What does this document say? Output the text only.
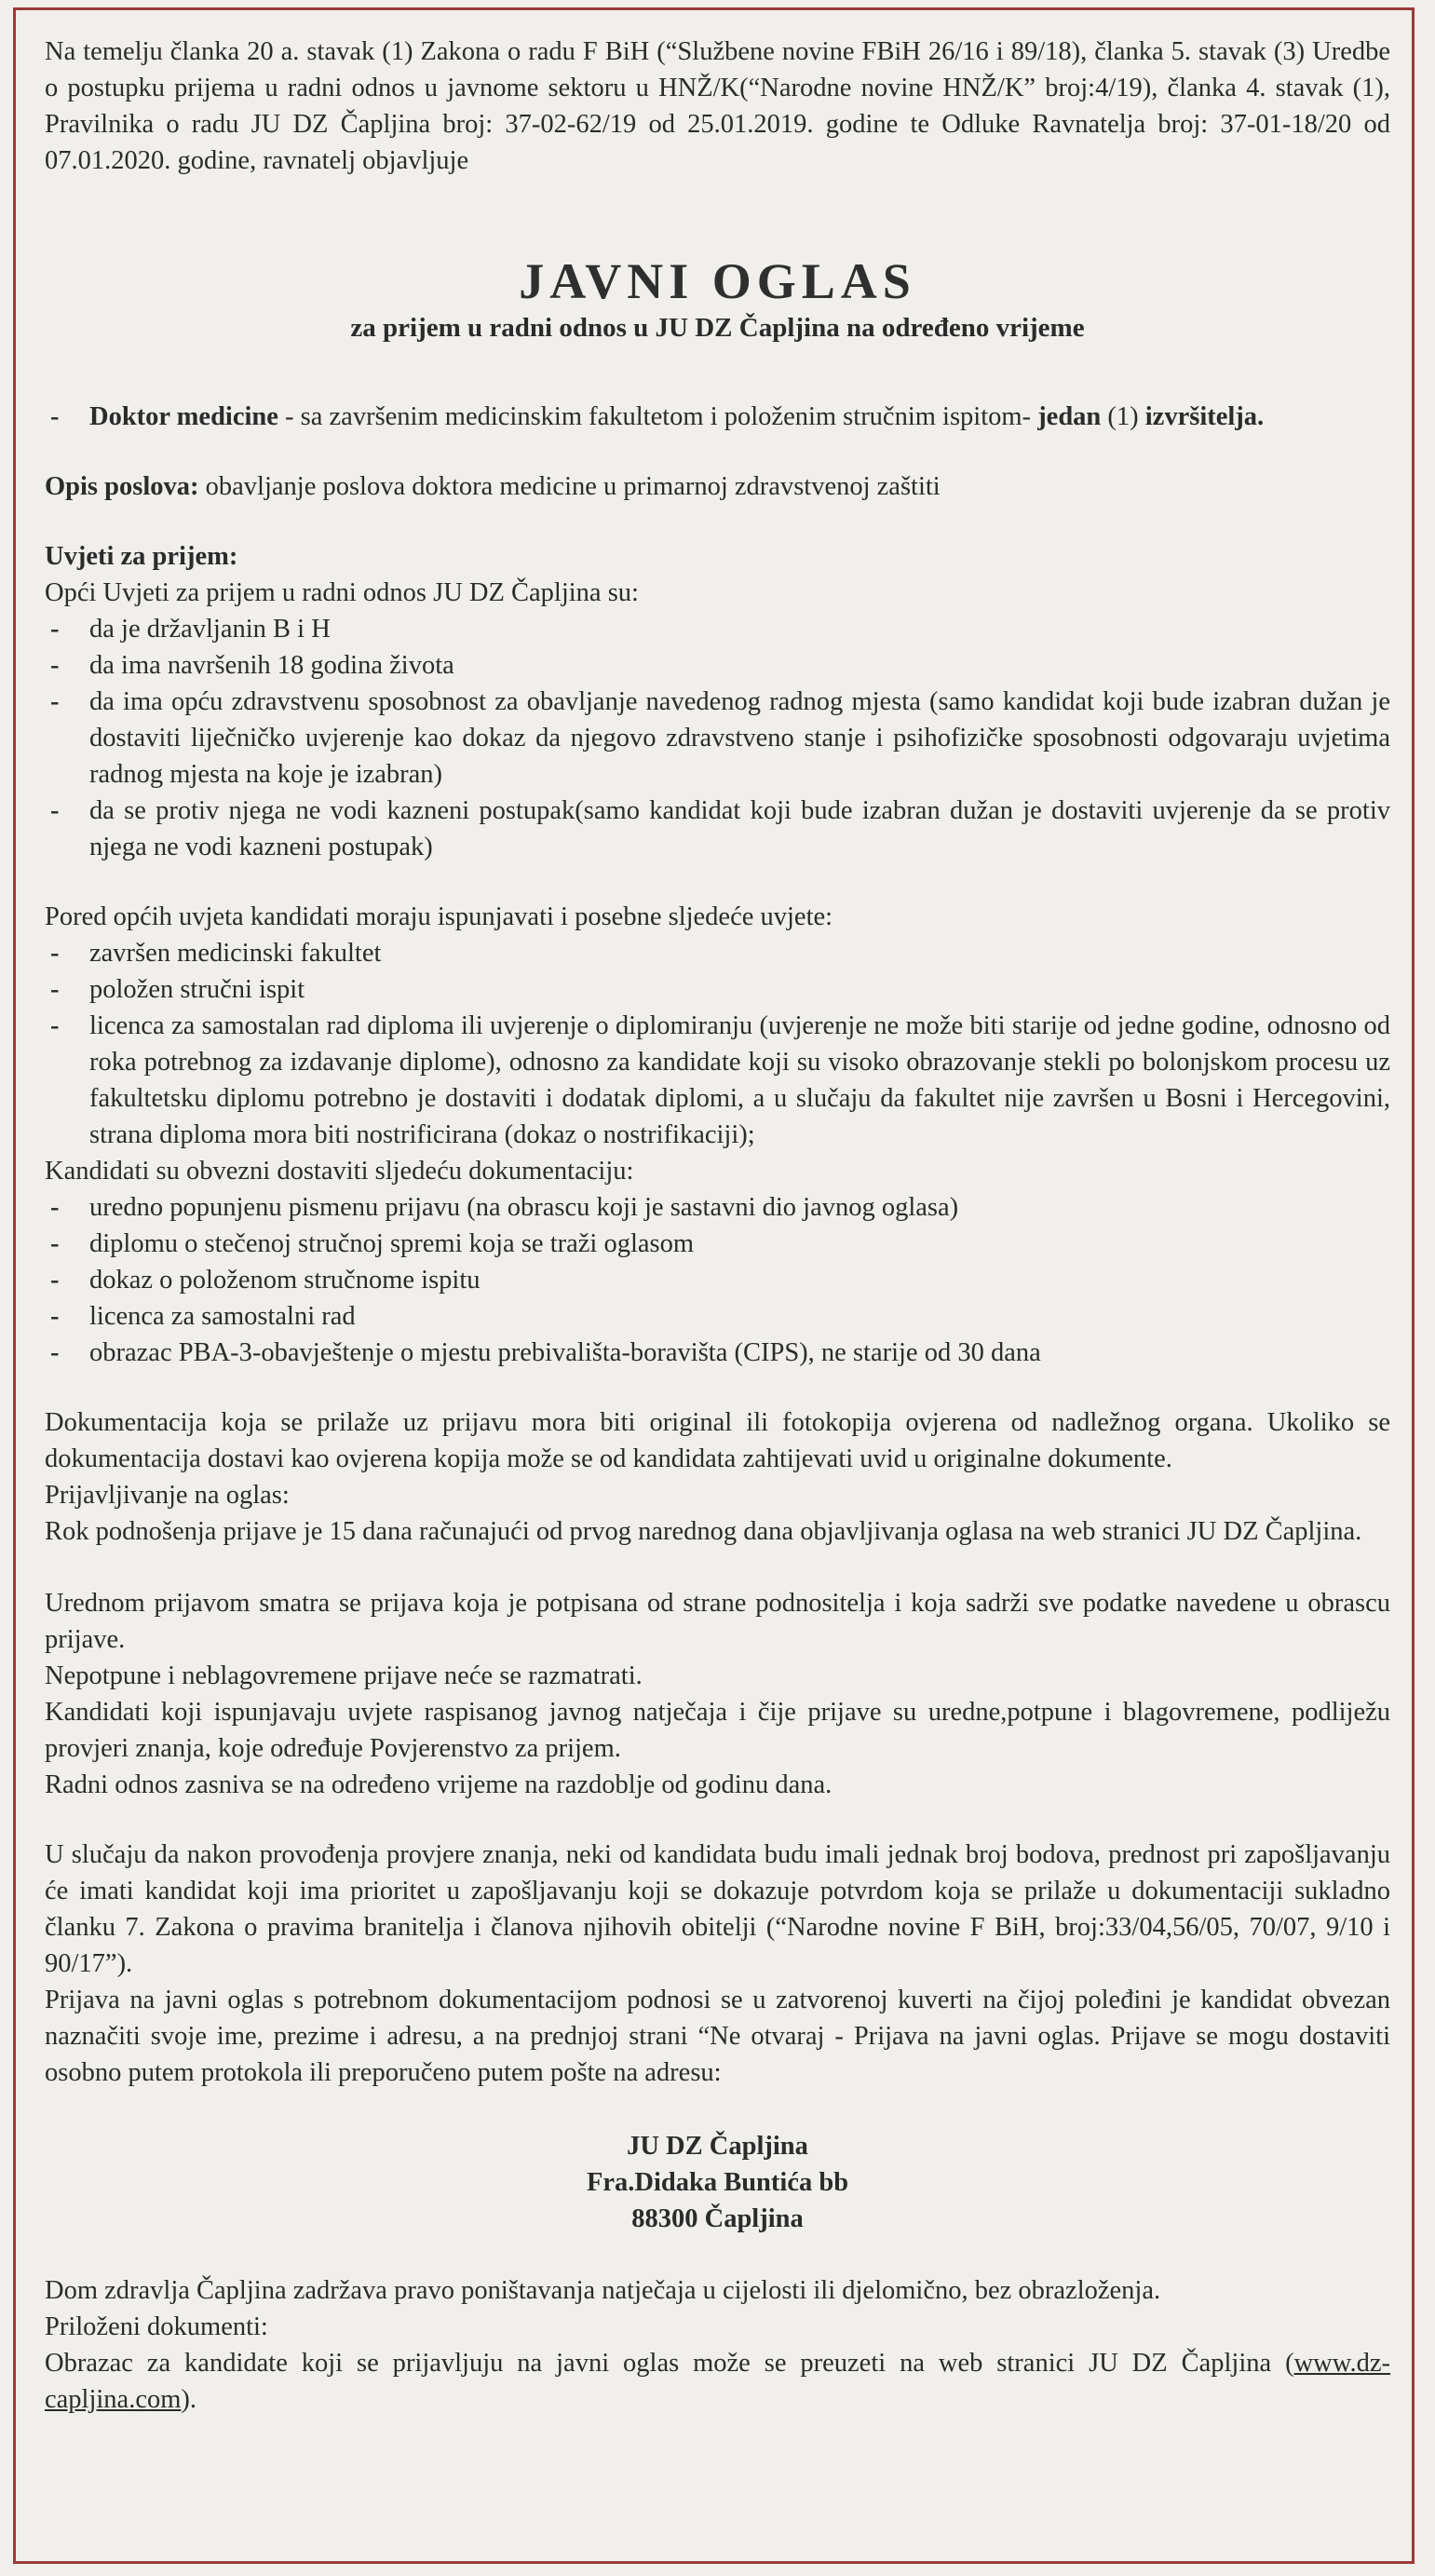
Na temelju članka 20 a. stavak (1) Zakona o radu F BiH (“Službene novine FBiH 26/16 i 89/18), članka 5. stavak (3) Uredbe o postupku prijema u radni odnos u javnome sektoru u HNŽ/K(“Narodne novine HNŽ/K” broj:4/19), članka 4. stavak (1), Pravilnika o radu JU DZ Čapljina broj: 37-02-62/19 od 25.01.2019. godine te Odluke Ravnatelja broj: 37-01-18/20 od 07.01.2020. godine, ravnatelj objavljuje

JAVNI OGLAS
za prijem u radni odnos u JU DZ Čapljina na određeno vrijeme
- Doktor medicine - sa završenim medicinskim fakultetom i položenim stručnim ispitom- jedan (1) izvršitelja.

Opis poslova: obavljanje poslova doktora medicine u primarnoj zdravstvenoj zaštiti

Uvjeti za prijem:

Opći Uvjeti za prijem u radni odnos JU DZ Čapljina su:

- da je državljanin B i H
- da ima navršenih 18 godina života
- da ima opću zdravstvenu sposobnost za obavljanje navedenog radnog mjesta (samo kandidat koji bude izabran dužan je dostaviti liječničko uvjerenje kao dokaz da njegovo zdravstveno stanje i psihofizičke sposobnosti odgovaraju uvjetima radnog mjesta na koje je izabran)
- da se protiv njega ne vodi kazneni postupak(samo kandidat koji bude izabran dužan je dostaviti uvjerenje da se protiv njega ne vodi kazneni postupak)

Pored općih uvjeta kandidati moraju ispunjavati i posebne sljedeće uvjete:

- završen medicinski fakultet
- položen stručni ispit
- licenca za samostalan rad diploma ili uvjerenje o diplomiranju (uvjerenje ne može biti starije od jedne godine, odnosno od roka potrebnog za izdavanje diplome), odnosno za kandidate koji su visoko obrazovanje stekli po bolonjskom procesu uz fakultetsku diplomu potrebno je dostaviti i dodatak diplomi, a u slučaju da fakultet nije završen u Bosni i Hercegovini, strana diploma mora biti nostrificirana (dokaz o nostrifikaciji);

Kandidati su obvezni dostaviti sljedeću dokumentaciju:

- uredno popunjenu pismenu prijavu (na obrascu koji je sastavni dio javnog oglasa)
- diplomu o stečenoj stručnoj spremi koja se traži oglasom
- dokaz o položenom stručnome ispitu
- licenca za samostalni rad
- obrazac PBA-3-obavještenje o mjestu prebivališta-boravišta (CIPS), ne starije od 30 dana

Dokumentacija koja se prilaže uz prijavu mora biti original ili fotokopija ovjerena od nadležnog organa. Ukoliko se dokumentacija dostavi kao ovjerena kopija može se od kandidata zahtijevati uvid u originalne dokumente.

Prijavljivanje na oglas:

Rok podnošenja prijave je 15 dana računajući od prvog narednog dana objavljivanja oglasa na web stranici JU DZ Čapljina.

Urednom prijavom smatra se prijava koja je potpisana od strane podnositelja i koja sadrži sve podatke navedene u obrascu prijave.

Nepotpune i neblagovremene prijave neće se razmatrati.

Kandidati koji ispunjavaju uvjete raspisanog javnog natječaja i čije prijave su uredne,potpune i blagovremene, podliježu provjeri znanja, koje određuje Povjerenstvo za prijem.

Radni odnos zasniva se na određeno vrijeme na razdoblje od godinu dana.

U slučaju da nakon provođenja provjere znanja, neki od kandidata budu imali jednak broj bodova, prednost pri zapošljavanju će imati kandidat koji ima prioritet u zapošljavanju koji se dokazuje potvrdom koja se prilaže u dokumentaciji sukladno članku 7. Zakona o pravima branitelja i članova njihovih obitelji (“Narodne novine F BiH, broj:33/04,56/05, 70/07, 9/10 i 90/17”).

Prijava na javni oglas s potrebnom dokumentacijom podnosi se u zatvorenoj kuverti na čijoj poleđini je kandidat obvezan naznačiti svoje ime, prezime i adresu, a na prednjoj strani “Ne otvaraj - Prijava na javni oglas. Prijave se mogu dostaviti osobno putem protokola ili preporučeno putem pošte na adresu:

JU DZ Čapljina

Fra.Didaka Buntića bb

88300 Čapljina

Dom zdravlja Čapljina zadržava pravo poništavanja natječaja u cijelosti ili djelomično, bez obrazloženja.

Priloženi dokumenti:

Obrazac za kandidate koji se prijavljuju na javni oglas može se preuzeti na web stranici JU DZ Čapljina (www.dz-capljina.com).
